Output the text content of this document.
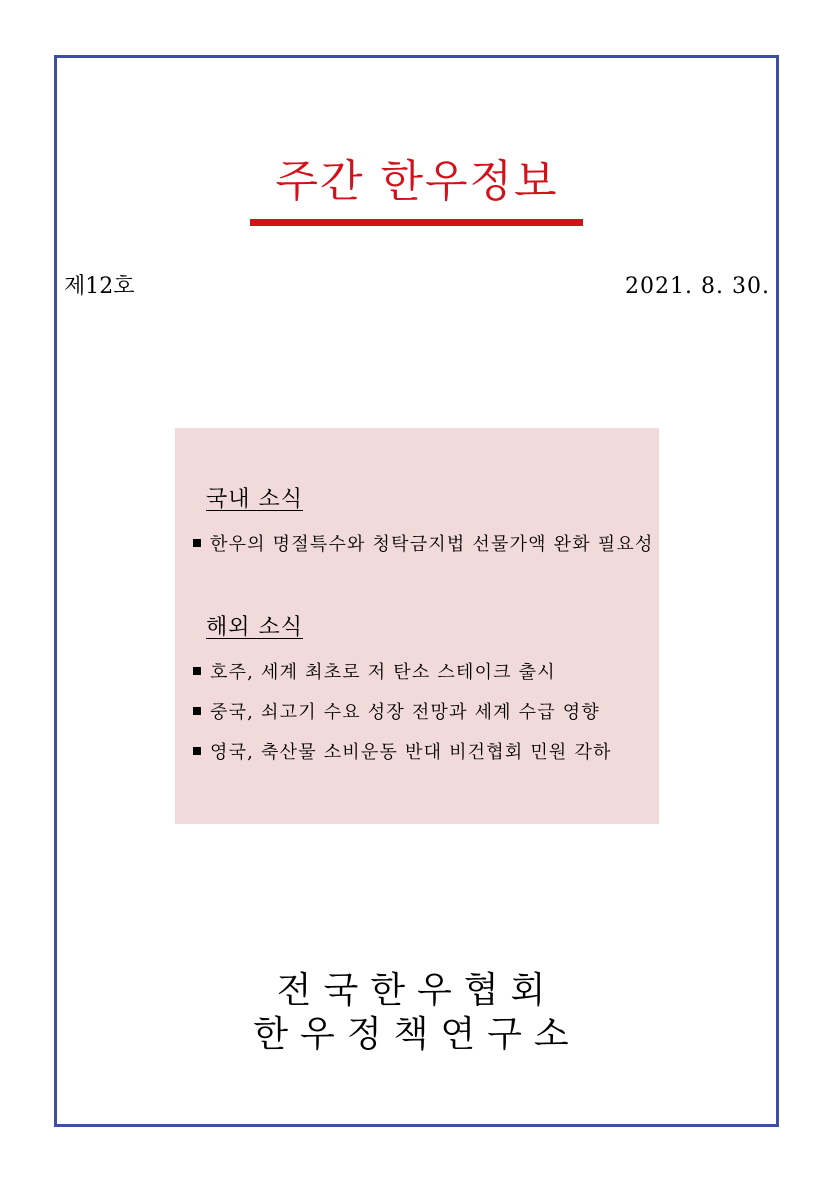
주간 한우정보
제12호	2021. 8. 30.
국내 소식
한우의 명절특수와 청탁금지법 선물가액 완화 필요성
해외 소식
호주, 세계 최초로 저 탄소 스테이크 출시
중국, 쇠고기 수요 성장 전망과 세계 수급 영향
영국, 축산물 소비운동 반대 비건협회 민원 각하
전국한우협회
한우정책연구소
